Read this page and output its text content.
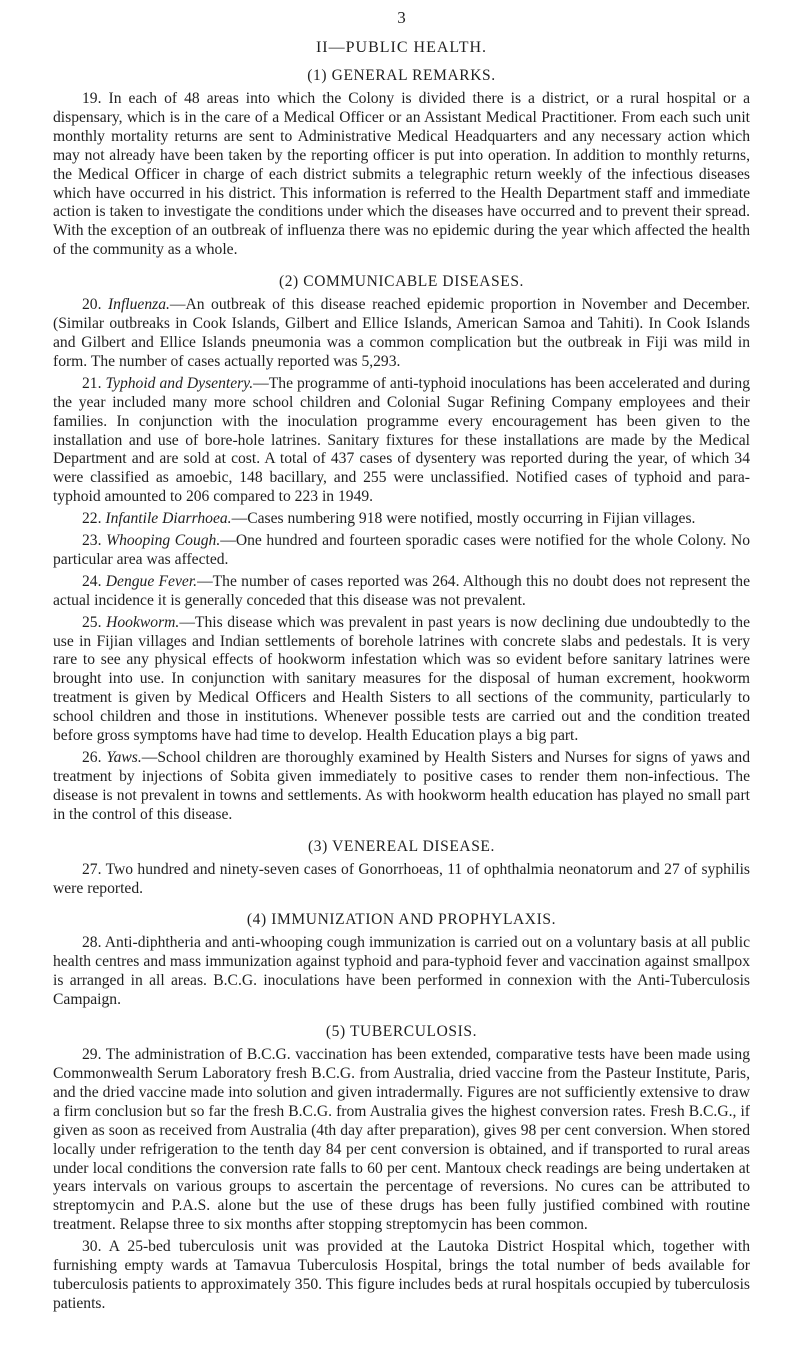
3
II—PUBLIC HEALTH.
(1) GENERAL REMARKS.

19. In each of 48 areas into which the Colony is divided there is a district, or a rural hospital or a dispensary, which is in the care of a Medical Officer or an Assistant Medical Practitioner. From each such unit monthly mortality returns are sent to Administrative Medical Headquarters and any necessary action which may not already have been taken by the reporting officer is put into operation. In addition to monthly returns, the Medical Officer in charge of each district submits a telegraphic return weekly of the infectious diseases which have occurred in his district. This information is referred to the Health Department staff and immediate action is taken to investigate the conditions under which the diseases have occurred and to prevent their spread. With the exception of an outbreak of influenza there was no epidemic during the year which affected the health of the community as a whole.

(2) COMMUNICABLE DISEASES.

20. Influenza.—An outbreak of this disease reached epidemic proportion in November and December. (Similar outbreaks in Cook Islands, Gilbert and Ellice Islands, American Samoa and Tahiti). In Cook Islands and Gilbert and Ellice Islands pneumonia was a common complication but the outbreak in Fiji was mild in form. The number of cases actually reported was 5,293.

21. Typhoid and Dysentery.—The programme of anti-typhoid inoculations has been accelerated and during the year included many more school children and Colonial Sugar Refining Company employees and their families. In conjunction with the inoculation programme every encouragement has been given to the installation and use of bore-hole latrines. Sanitary fixtures for these installations are made by the Medical Department and are sold at cost. A total of 437 cases of dysentery was reported during the year, of which 34 were classified as amoebic, 148 bacillary, and 255 were unclassified. Notified cases of typhoid and para-typhoid amounted to 206 compared to 223 in 1949.

22. Infantile Diarrhoea.—Cases numbering 918 were notified, mostly occurring in Fijian villages.

23. Whooping Cough.—One hundred and fourteen sporadic cases were notified for the whole Colony. No particular area was affected.

24. Dengue Fever.—The number of cases reported was 264. Although this no doubt does not represent the actual incidence it is generally conceded that this disease was not prevalent.

25. Hookworm.—This disease which was prevalent in past years is now declining due undoubtedly to the use in Fijian villages and Indian settlements of borehole latrines with concrete slabs and pedestals. It is very rare to see any physical effects of hookworm infestation which was so evident before sanitary latrines were brought into use. In conjunction with sanitary measures for the disposal of human excrement, hookworm treatment is given by Medical Officers and Health Sisters to all sections of the community, particularly to school children and those in institutions. Whenever possible tests are carried out and the condition treated before gross symptoms have had time to develop. Health Education plays a big part.

26. Yaws.—School children are thoroughly examined by Health Sisters and Nurses for signs of yaws and treatment by injections of Sobita given immediately to positive cases to render them non-infectious. The disease is not prevalent in towns and settlements. As with hookworm health education has played no small part in the control of this disease.

(3) VENEREAL DISEASE.

27. Two hundred and ninety-seven cases of Gonorrhoeas, 11 of ophthalmia neonatorum and 27 of syphilis were reported.

(4) IMMUNIZATION AND PROPHYLAXIS.

28. Anti-diphtheria and anti-whooping cough immunization is carried out on a voluntary basis at all public health centres and mass immunization against typhoid and para-typhoid fever and vaccination against smallpox is arranged in all areas. B.C.G. inoculations have been performed in connexion with the Anti-Tuberculosis Campaign.

(5) TUBERCULOSIS.

29. The administration of B.C.G. vaccination has been extended, comparative tests have been made using Commonwealth Serum Laboratory fresh B.C.G. from Australia, dried vaccine from the Pasteur Institute, Paris, and the dried vaccine made into solution and given intradermally. Figures are not sufficiently extensive to draw a firm conclusion but so far the fresh B.C.G. from Australia gives the highest conversion rates. Fresh B.C.G., if given as soon as received from Australia (4th day after preparation), gives 98 per cent conversion. When stored locally under refrigeration to the tenth day 84 per cent conversion is obtained, and if transported to rural areas under local conditions the conversion rate falls to 60 per cent. Mantoux check readings are being undertaken at years intervals on various groups to ascertain the percentage of reversions. No cures can be attributed to streptomycin and P.A.S. alone but the use of these drugs has been fully justified combined with routine treatment. Relapse three to six months after stopping streptomycin has been common.

30. A 25-bed tuberculosis unit was provided at the Lautoka District Hospital which, together with furnishing empty wards at Tamavua Tuberculosis Hospital, brings the total number of beds available for tuberculosis patients to approximately 350. This figure includes beds at rural hospitals occupied by tuberculosis patients.
